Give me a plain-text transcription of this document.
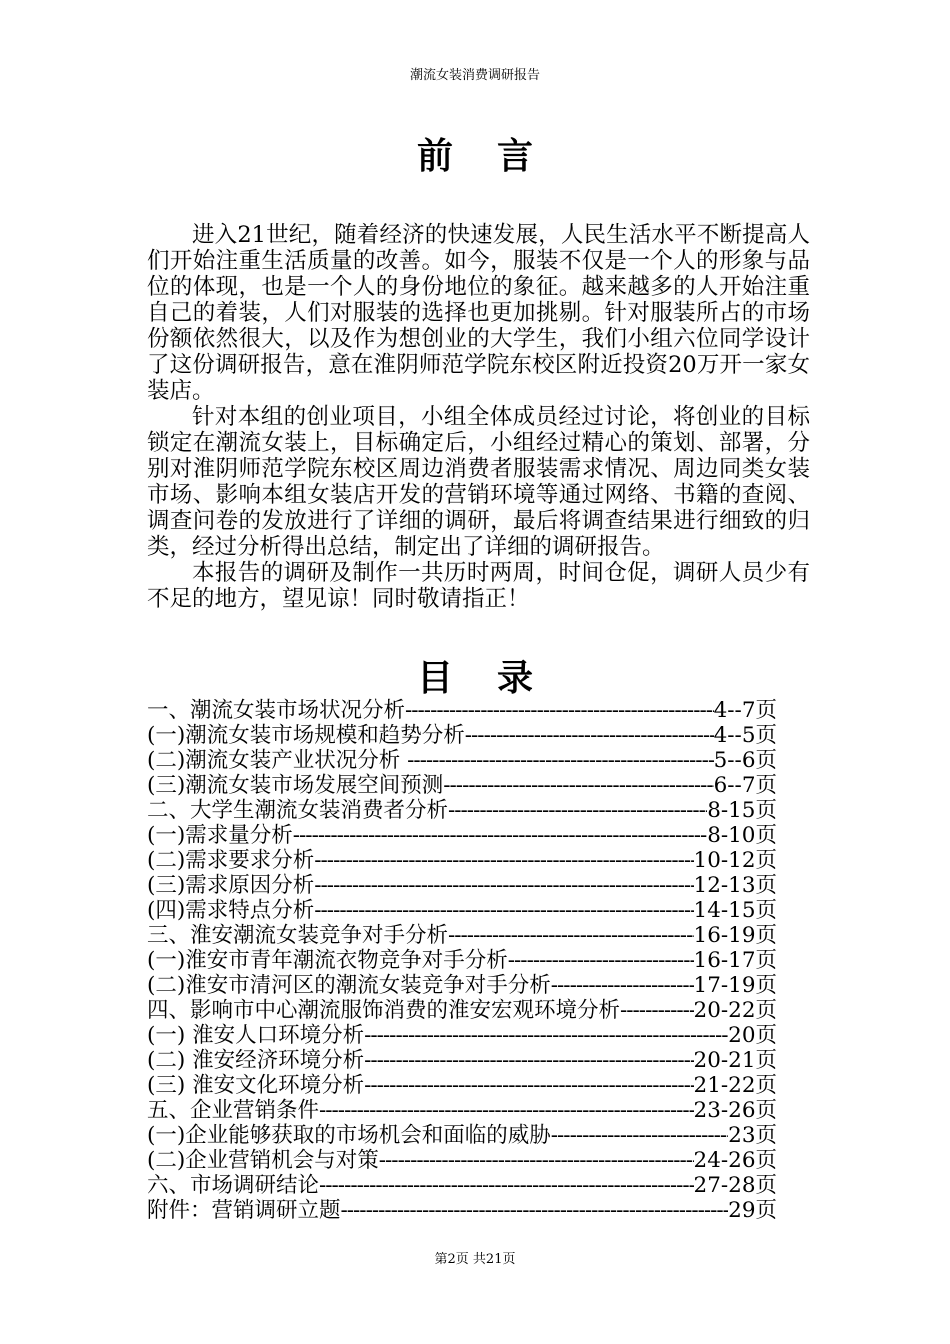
潮流女装消费调研报告
前言

进入21世纪，随着经济的快速发展，人民生活水平不断提高人们开始注重生活质量的改善。如今，服装不仅是一个人的形象与品位的体现，也是一个人的身份地位的象征。越来越多的人开始注重自己的着装，人们对服装的选择也更加挑剔。针对服装所占的市场份额依然很大，以及作为想创业的大学生，我们小组六位同学设计了这份调研报告，意在淮阴师范学院东校区附近投资20万开一家女装店。

针对本组的创业项目，小组全体成员经过讨论，将创业的目标锁定在潮流女装上，目标确定后，小组经过精心的策划、部署，分别对淮阴师范学院东校区周边消费者服装需求情况、周边同类女装市场、影响本组女装店开发的营销环境等通过网络、书籍的查阅、调查问卷的发放进行了详细的调研，最后将调查结果进行细致的归类，经过分析得出总结，制定出了详细的调研报告。

本报告的调研及制作一共历时两周，时间仓促，调研人员少有不足的地方，望见谅！同时敬请指正！

目录
一、潮流女装市场状况分析 -----	4--7页
(一)潮流女装市场规模和趋势分析 -----	4--5页
(二)潮流女装产业状况分析 -----	5--6页
(三)潮流女装市场发展空间预测 -----	6--7页
二、大学生潮流女装消费者分析 -----	8-15页
(一)需求量分析 -----	8-10页
(二)需求要求分析 -----	10-12页
(三)需求原因分析 -----	12-13页
(四)需求特点分析 -----	14-15页
三、淮安潮流女装竞争对手分析 -----	16-19页
(一)淮安市青年潮流衣物竞争对手分析 -----	16-17页
(二)淮安市清河区的潮流女装竞争对手分析 -----	17-19页
四、影响市中心潮流服饰消费的淮安宏观环境分析 -----	20-22页
(一) 淮安人口环境分析 -----	20页
(二) 淮安经济环境分析 -----	20-21页
(三) 淮安文化环境分析 -----	21-22页
五、企业营销条件 -----	23-26页
(一)企业能够获取的市场机会和面临的威胁 -----	23页
(二)企业营销机会与对策 -----	24-26页
六、市场调研结论 -----	27-28页
附件：营销调研立题 -----	29页
第2页 共21页
